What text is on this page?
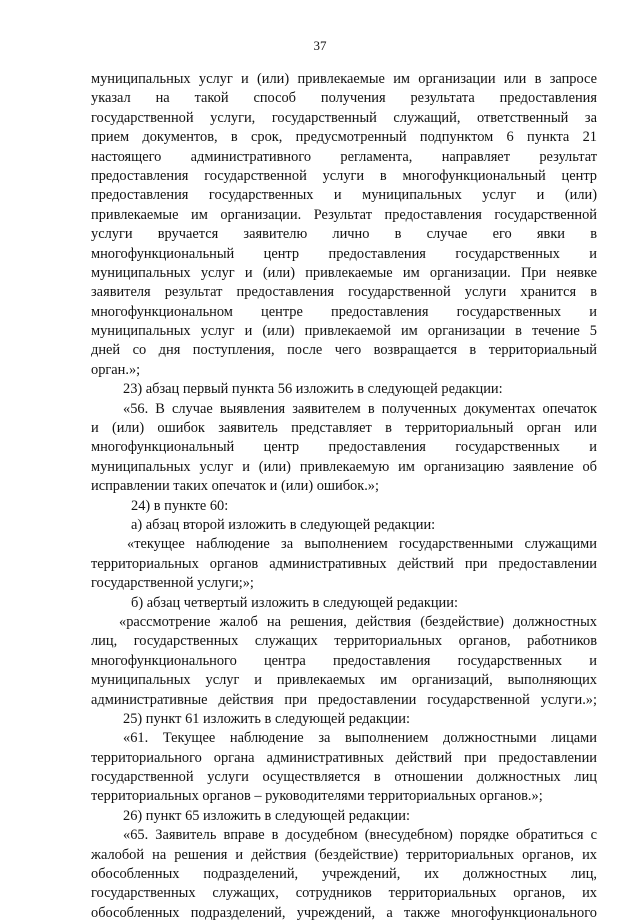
37
муниципальных услуг и (или) привлекаемые им организации или в запросе
указал на такой способ получения результата предоставления
государственной услуги, государственный служащий, ответственный за
прием документов, в срок, предусмотренный подпунктом 6 пункта 21
настоящего административного регламента, направляет результат
предоставления государственной услуги в многофункциональный центр
предоставления государственных и муниципальных услуг и (или)
привлекаемые им организации. Результат предоставления государственной
услуги вручается заявителю лично в случае его явки в
многофункциональный центр предоставления государственных и
муниципальных услуг и (или) привлекаемые им организации. При неявке
заявителя результат предоставления государственной услуги хранится в
многофункциональном центре предоставления государственных и
муниципальных услуг и (или) привлекаемой им организации в течение 5
дней со дня поступления, после чего возвращается в территориальный
орган.»;
23) абзац первый пункта 56 изложить в следующей редакции:
«56. В случае выявления заявителем в полученных документах опечаток
и (или) ошибок заявитель представляет в территориальный орган или
многофункциональный центр предоставления государственных и
муниципальных услуг и (или) привлекаемую им организацию заявление об
исправлении таких опечаток и (или) ошибок.»;
24) в пункте 60:
а) абзац второй изложить в следующей редакции:
«текущее наблюдение за выполнением государственными служащими
территориальных органов административных действий при предоставлении
государственной услуги;»;
б) абзац четвертый изложить в следующей редакции:
«рассмотрение жалоб на решения, действия (бездействие) должностных
лиц, государственных служащих территориальных органов, работников
многофункционального центра предоставления государственных и
муниципальных услуг и привлекаемых им организаций, выполняющих
административные действия при предоставлении государственной услуги.»;
25) пункт 61 изложить в следующей редакции:
«61. Текущее наблюдение за выполнением должностными лицами
территориального органа административных действий при предоставлении
государственной услуги осуществляется в отношении должностных лиц
территориальных органов – руководителями территориальных органов.»;
26) пункт 65 изложить в следующей редакции:
«65. Заявитель вправе в досудебном (внесудебном) порядке обратиться с
жалобой на решения и действия (бездействие) территориальных органов, их
обособленных подразделений, учреждений, их должностных лиц,
государственных служащих, сотрудников территориальных органов, их
обособленных подразделений, учреждений, а также многофункционального
